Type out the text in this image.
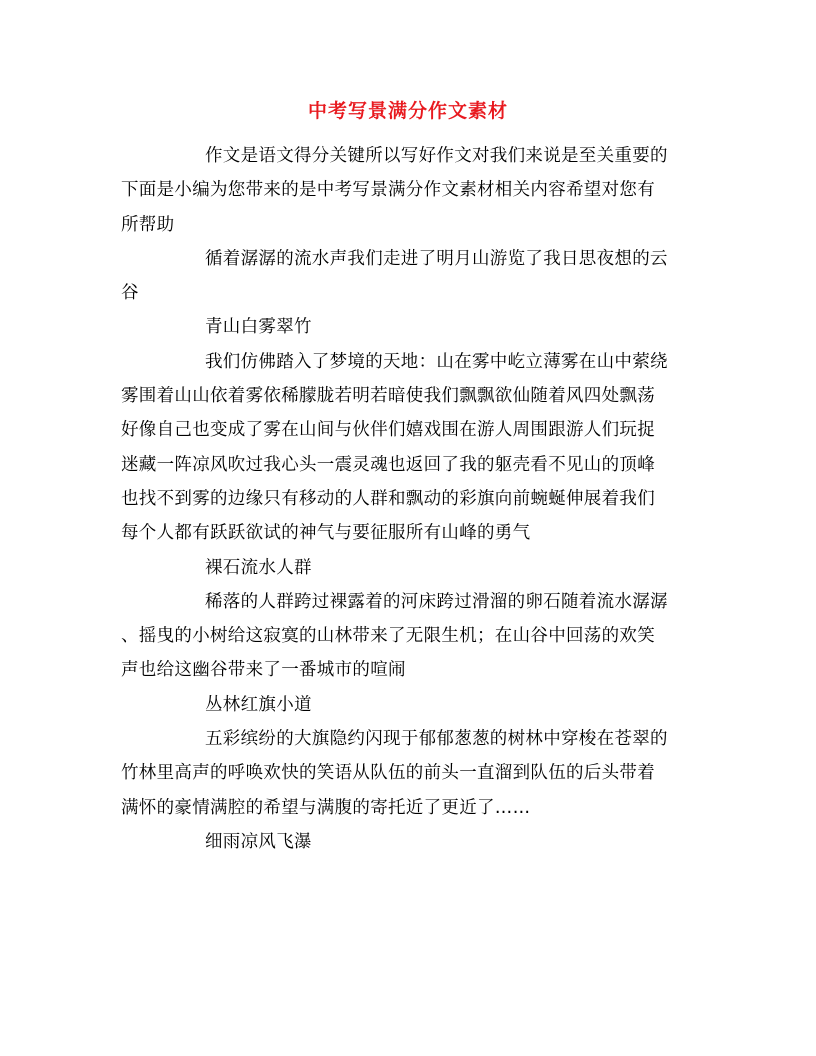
中考写景满分作文素材
作文是语文得分关键所以写好作文对我们来说是至关重要的
下面是小编为您带来的是中考写景满分作文素材相关内容希望对您有
所帮助
循着潺潺的流水声我们走进了明月山游览了我日思夜想的云
谷
青山白雾翠竹
我们仿佛踏入了梦境的天地：山在雾中屹立薄雾在山中萦绕
雾围着山山依着雾依稀朦胧若明若暗使我们飘飘欲仙随着风四处飘荡
好像自己也变成了雾在山间与伙伴们嬉戏围在游人周围跟游人们玩捉
迷藏一阵凉风吹过我心头一震灵魂也返回了我的躯壳看不见山的顶峰
也找不到雾的边缘只有移动的人群和飘动的彩旗向前蜿蜒伸展着我们
每个人都有跃跃欲试的神气与要征服所有山峰的勇气
裸石流水人群
稀落的人群跨过裸露着的河床跨过滑溜的卵石随着流水潺潺
、摇曳的小树给这寂寞的山林带来了无限生机；在山谷中回荡的欢笑
声也给这幽谷带来了一番城市的喧闹
丛林红旗小道
五彩缤纷的大旗隐约闪现于郁郁葱葱的树林中穿梭在苍翠的
竹林里高声的呼唤欢快的笑语从队伍的前头一直溜到队伍的后头带着
满怀的豪情满腔的希望与满腹的寄托近了更近了……
细雨凉风飞瀑
